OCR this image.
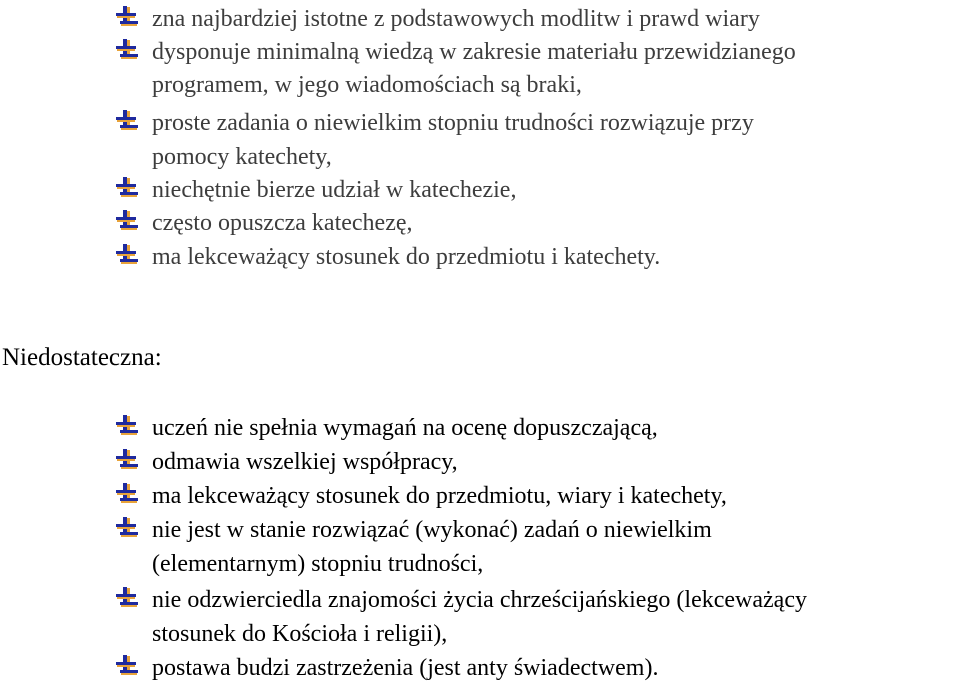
zna najbardziej istotne z podstawowych modlitw i prawd wiary
dysponuje minimalną wiedzą w zakresie materiału przewidzianego
programem, w jego wiadomościach są braki,
proste zadania o niewielkim stopniu trudności rozwiązuje przy
pomocy katechety,
niechętnie bierze udział w katechezie,
często opuszcza katechezę,
ma lekceważący stosunek do przedmiotu i katechety.
Niedostateczna:
uczeń nie spełnia wymagań na ocenę dopuszczającą,
odmawia wszelkiej współpracy,
ma lekceważący stosunek do przedmiotu, wiary i katechety,
nie jest w stanie rozwiązać (wykonać) zadań o niewielkim
(elementarnym) stopniu trudności,
nie odzwierciedla znajomości życia chrześcijańskiego (lekceważący
stosunek do Kościoła i religii),
postawa budzi zastrzeżenia (jest anty świadectwem).
